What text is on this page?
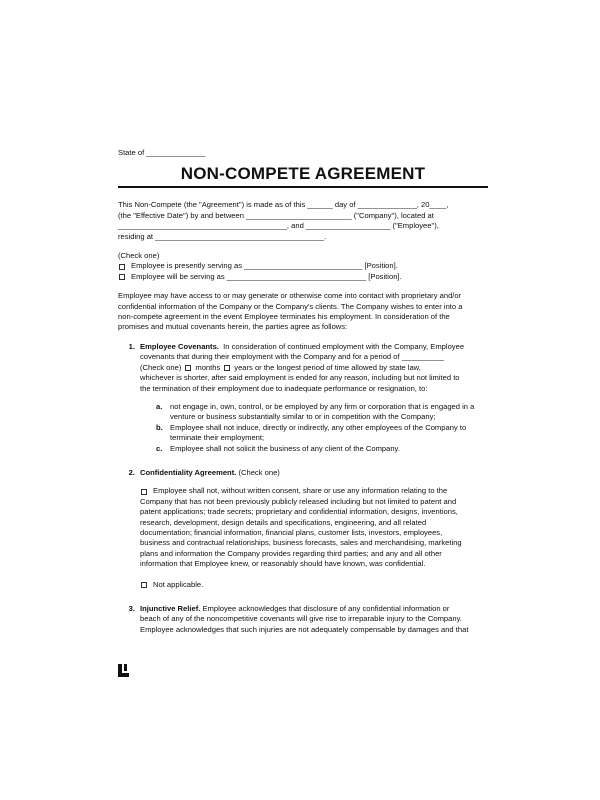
State of ______________
NON-COMPETE AGREEMENT
This Non-Compete (the "Agreement") is made as of this ______ day of ______________, 20____,
(the "Effective Date") by and between _________________________ ("Company"), located at
________________________________________, and ____________________ ("Employee"),
residing at ________________________________________.
(Check one)
Employee is presently serving as ____________________________ [Position].
Employee will be serving as _________________________________ [Position].
Employee may have access to or may generate or otherwise come into contact with proprietary and/or
confidential information of the Company or the Company's clients. The Company wishes to enter into a
non-compete agreement in the event Employee terminates his employment. In consideration of the
promises and mutual covenants herein, the parties agree as follows:
1. Employee Covenants. In consideration of continued employment with the Company, Employee
covenants that during their employment with the Company and for a period of __________
(Check one) months years or the longest period of time allowed by state law,
whichever is shorter, after said employment is ended for any reason, including but not limited to
the termination of their employment due to inadequate performance or resignation, to:
a.	not engage in, own, control, or be employed by any firm or corporation that is engaged in a
venture or business substantially similar to or in competition with the Company;
b. Employee shall not induce, directly or indirectly, any other employees of the Company to
terminate their employment;
c.	Employee shall not solicit the business of any client of the Company.
2. Confidentiality Agreement. (Check one)
Employee shall not, without written consent, share or use any information relating to the
Company that has not been previously publicly released including but not limited to patent and
patent applications; trade secrets; proprietary and confidential information, designs, inventions,
research, development, design details and specifications, engineering, and all related
documentation; financial information, financial plans, customer lists, investors, employees,
business and contractual relationships, business forecasts, sales and merchandising, marketing
plans and information the Company provides regarding third parties; and any and all other
information that Employee knew, or reasonably should have known, was confidential.
Not applicable.
3. Injunctive Relief. Employee acknowledges that disclosure of any confidential information or
beach of any of the noncompetitive covenants will give rise to irreparable injury to the Company.
Employee acknowledges that such injuries are not adequately compensable by damages and that
